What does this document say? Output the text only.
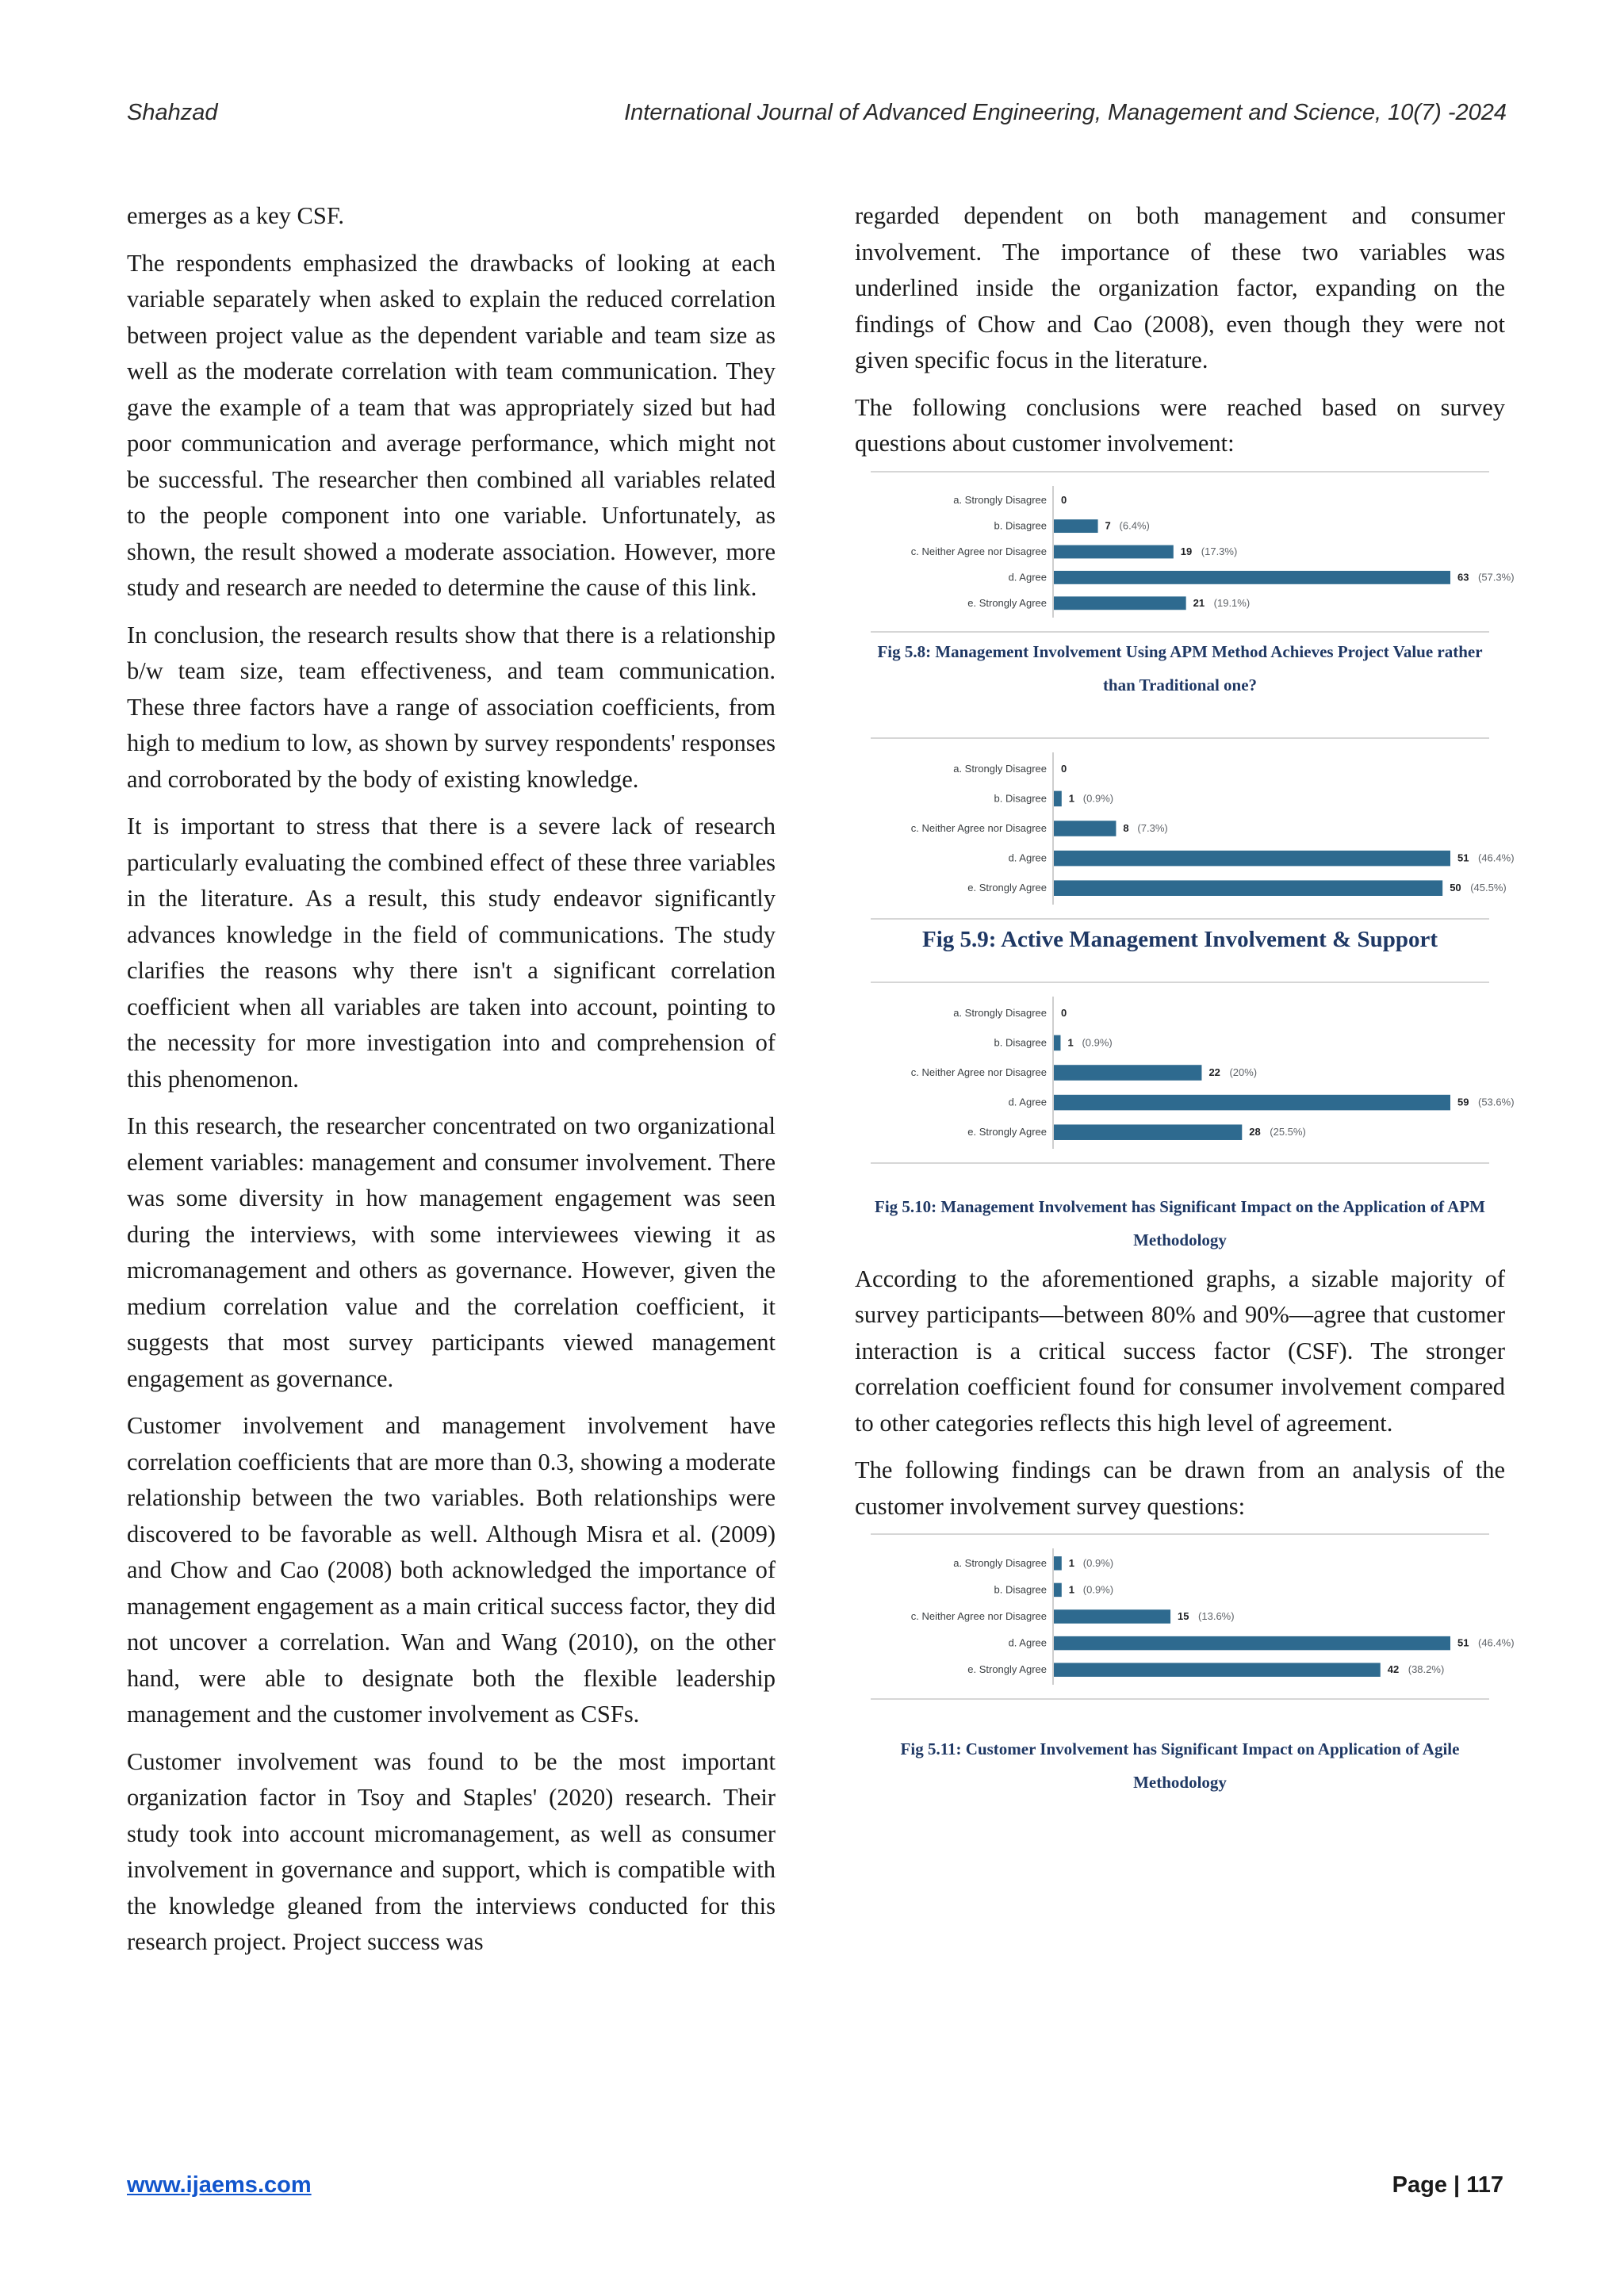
Shahzad	International Journal of Advanced Engineering, Management and Science, 10(7) -2024

emerges as a key CSF.

The respondents emphasized the drawbacks of looking at each variable separately when asked to explain the reduced correlation between project value as the dependent variable and team size as well as the moderate correlation with team communication. They gave the example of a team that was appropriately sized but had poor communication and average performance, which might not be successful. The researcher then combined all variables related to the people component into one variable. Unfortunately, as shown, the result showed a moderate association. However, more study and research are needed to determine the cause of this link.

In conclusion, the research results show that there is a relationship b/w team size, team effectiveness, and team communication. These three factors have a range of association coefficients, from high to medium to low, as shown by survey respondents' responses and corroborated by the body of existing knowledge.

It is important to stress that there is a severe lack of research particularly evaluating the combined effect of these three variables in the literature. As a result, this study endeavor significantly advances knowledge in the field of communications. The study clarifies the reasons why there isn't a significant correlation coefficient when all variables are taken into account, pointing to the necessity for more investigation into and comprehension of this phenomenon.

In this research, the researcher concentrated on two organizational element variables: management and consumer involvement. There was some diversity in how management engagement was seen during the interviews, with some interviewees viewing it as micromanagement and others as governance. However, given the medium correlation value and the correlation coefficient, it suggests that most survey participants viewed management engagement as governance.

Customer involvement and management involvement have correlation coefficients that are more than 0.3, showing a moderate relationship between the two variables. Both relationships were discovered to be favorable as well. Although Misra et al. (2009) and Chow and Cao (2008) both acknowledged the importance of management engagement as a main critical success factor, they did not uncover a correlation. Wan and Wang (2010), on the other hand, were able to designate both the flexible leadership management and the customer involvement as CSFs.

Customer involvement was found to be the most important organization factor in Tsoy and Staples' (2020) research. Their study took into account micromanagement, as well as consumer involvement in governance and support, which is compatible with the knowledge gleaned from the interviews conducted for this research project. Project success was

regarded dependent on both management and consumer involvement. The importance of these two variables was underlined inside the organization factor, expanding on the findings of Chow and Cao (2008), even though they were not given specific focus in the literature.

The following conclusions were reached based on survey questions about customer involvement:

a. Strongly Disagree 0
b. Disagree	7 (6.4%)
c. Neither Agree nor Disagree	19 (17.3%)
d. Agree	63 (57.3%)
e. Strongly Agree	21 (19.1%)
Fig 5.8: Management Involvement Using APM Method Achieves Project Value rather
than Traditional one?
a. Strongly Disagree 0
b. Disagree 1 (0.9%)
c. Neither Agree nor Disagree	8 (7.3%)
d. Agree	51 (46.4%)
e. Strongly Agree	50 (45.5%)
Fig 5.9: Active Management Involvement & Support
a. Strongly Disagree 0
b. Disagree 1 (0.9%)
c. Neither Agree nor Disagree	22 (20%)
d. Agree	59 (53.6%)
e. Strongly Agree	28 (25.5%)
Fig 5.10: Management Involvement has Significant Impact on the Application of APM
Methodology

According to the aforementioned graphs, a sizable majority of survey participants—between 80% and 90%—agree that customer interaction is a critical success factor (CSF). The stronger correlation coefficient found for consumer involvement compared to other categories reflects this high level of agreement.

The following findings can be drawn from an analysis of the customer involvement survey questions:

a. Strongly Disagree 1 (0.9%)
b. Disagree 1 (0.9%)
c. Neither Agree nor Disagree	15 (13.6%)
d. Agree	51 (46.4%)
e. Strongly Agree	42 (38.2%)
Fig 5.11: Customer Involvement has Significant Impact on Application of Agile
Methodology
www.ijaems.com	Page | 117
